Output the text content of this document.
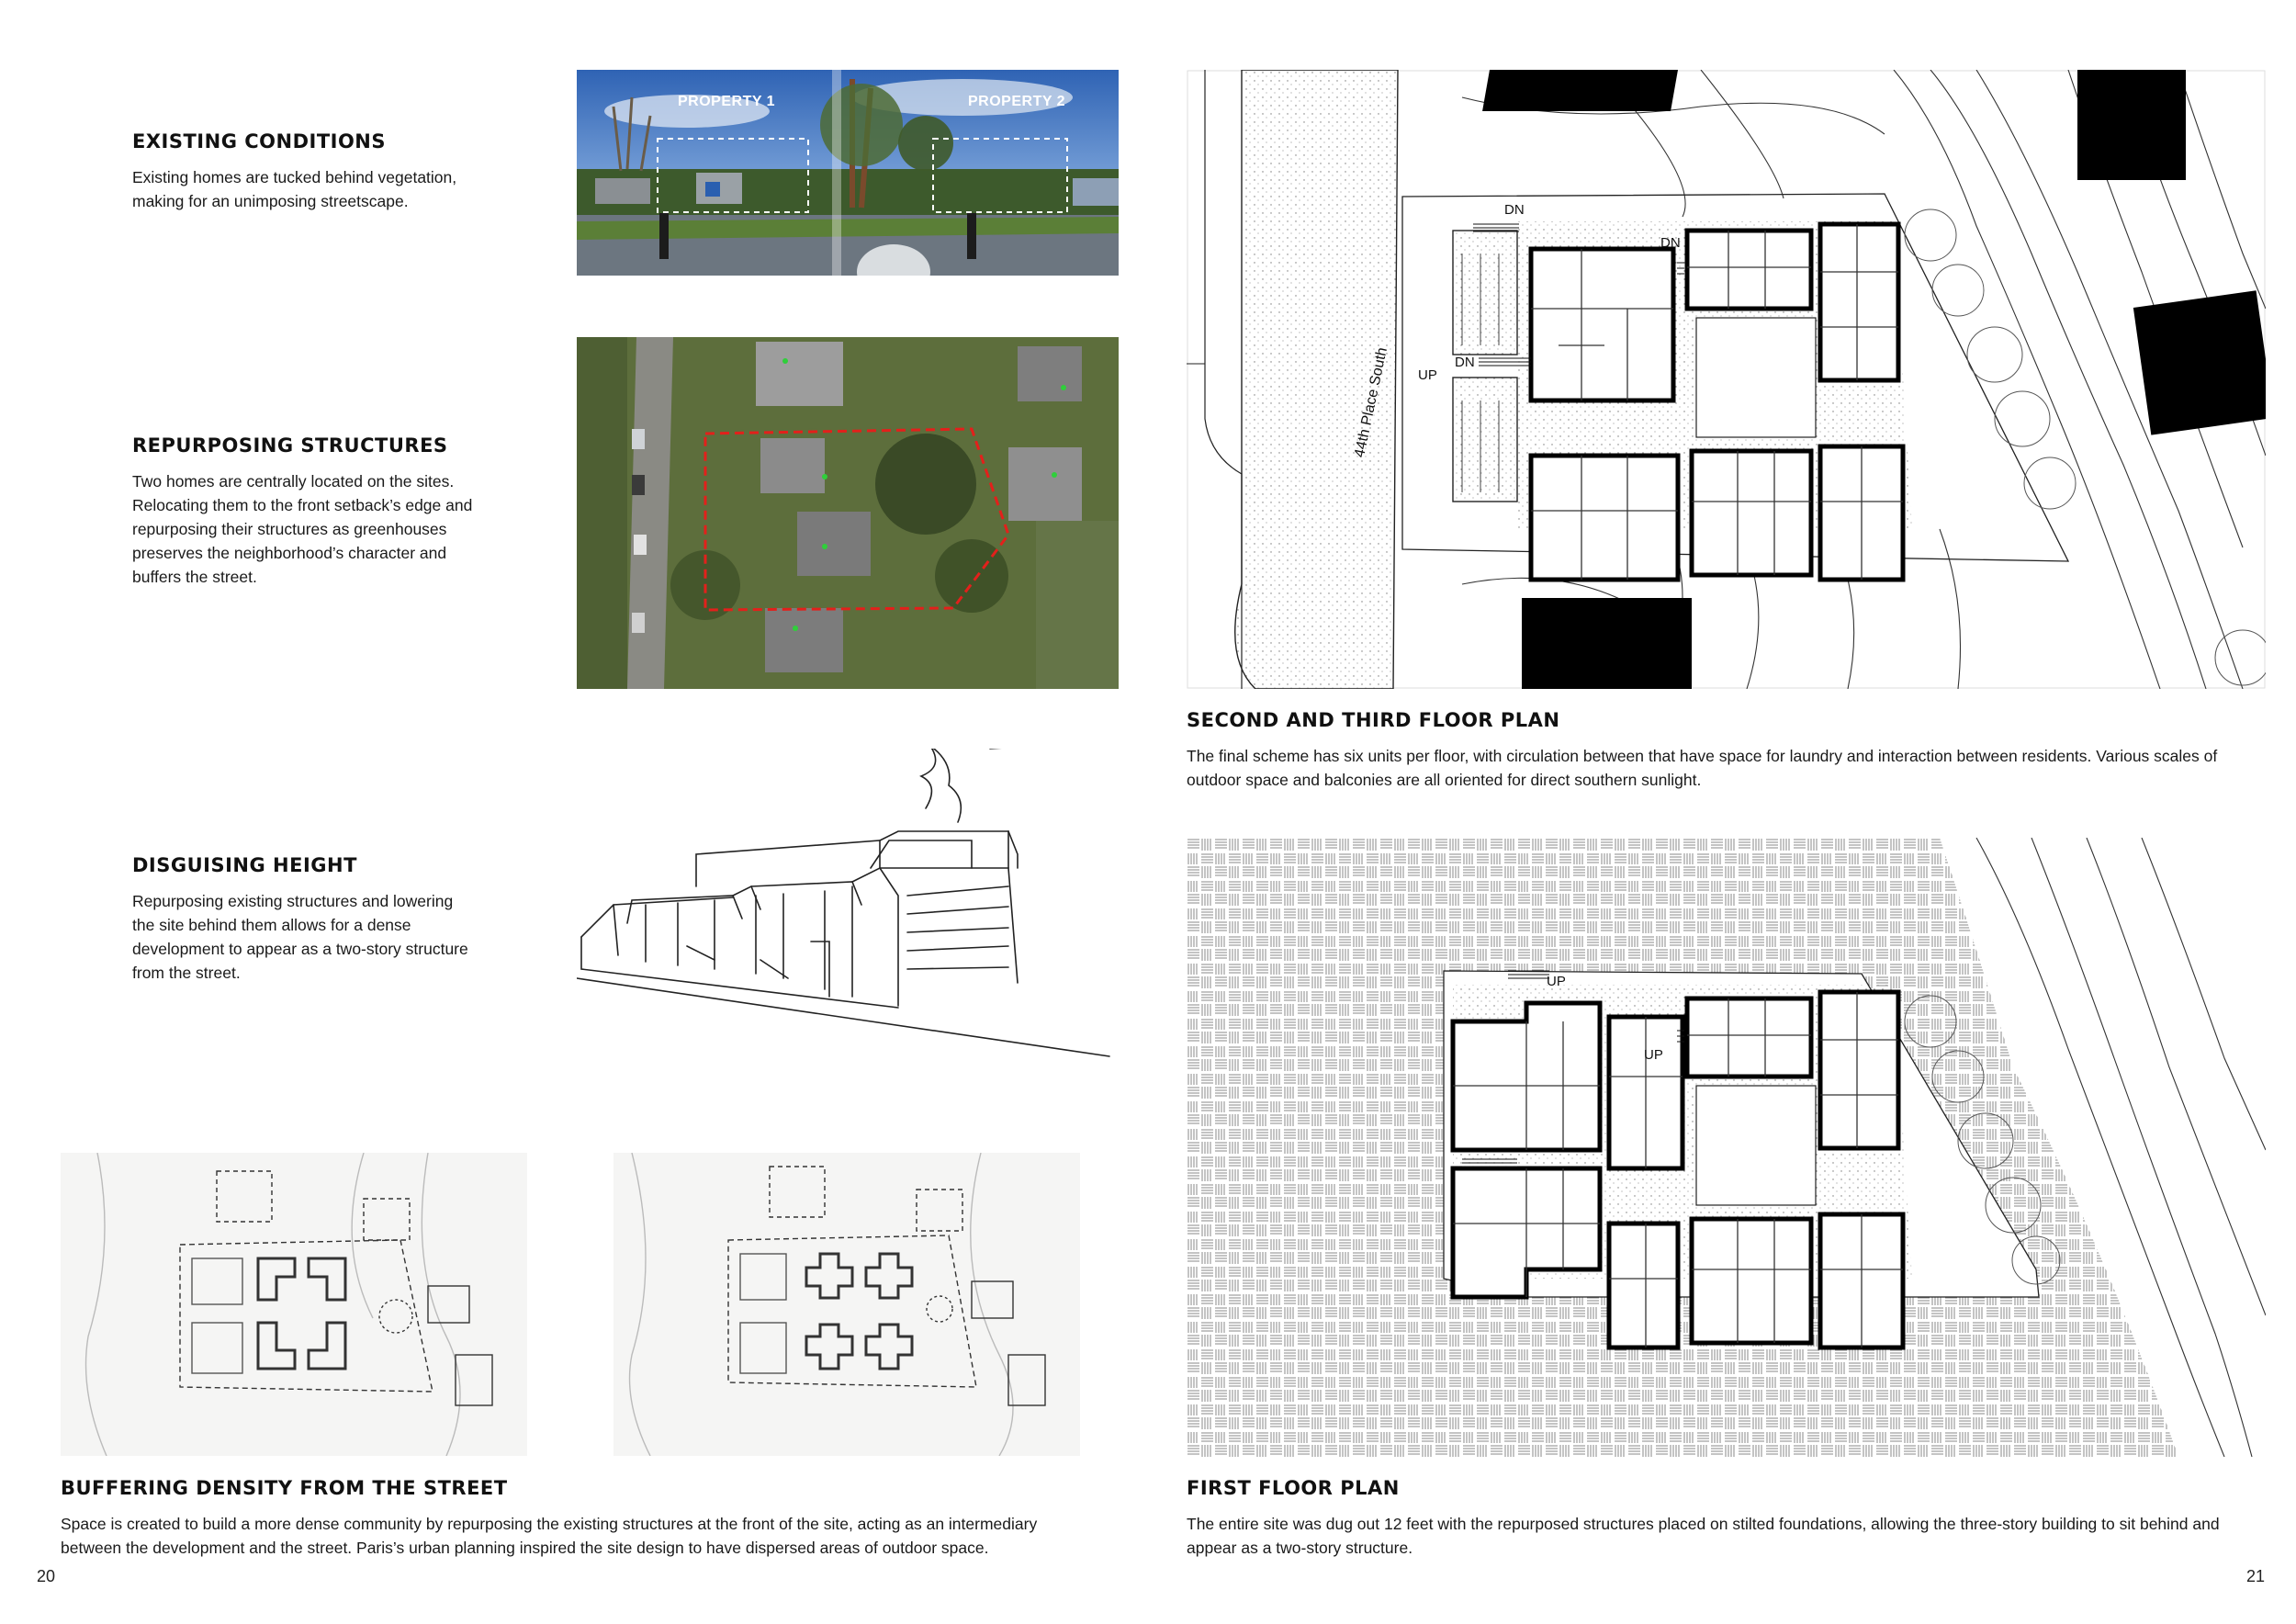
EXISTING CONDITIONS

Existing homes are tucked behind vegetation, making for an unimposing streetscape.

PROPERTY 1	PROPERTY 2
REPURPOSING STRUCTURES

Two homes are centrally located on the sites. Relocating them to the front setback’s edge and repurposing their structures as greenhouses preserves the neighborhood’s character and buffers the street.

DISGUISING HEIGHT

Repurposing existing structures and lowering the site behind them allows for a dense development to appear as a two-story structure from the street.

BUFFERING DENSITY FROM THE STREET

Space is created to build a more dense community by repurposing the existing structures at the front of the site, acting as an intermediary between the development and the street. Paris’s urban planning inspired the site design to have dispersed areas of outdoor space.

20
44th Place South
DN
DN
DN
UP
SECOND AND THIRD FLOOR PLAN

The final scheme has six units per floor, with circulation between that have space for laundry and interaction between residents. Various scales of outdoor space and balconies are all oriented for direct southern sunlight.

UP
UP
FIRST FLOOR PLAN

The entire site was dug out 12 feet with the repurposed structures placed on stilted foundations, allowing the three-story building to sit behind and appear as a two-story structure.

21
